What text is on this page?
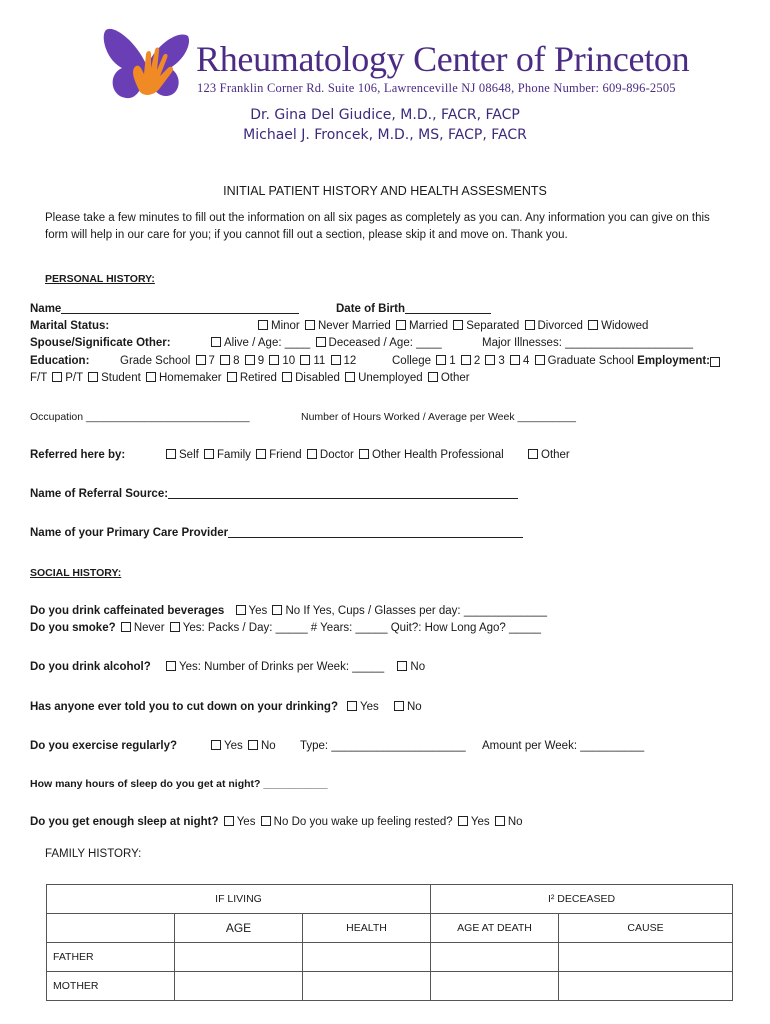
Rheumatology Center of Princeton
123 Franklin Corner Rd. Suite 106, Lawrenceville NJ 08648, Phone Number: 609-896-2505
Dr. Gina Del Giudice, M.D., FACR, FACP
Michael J. Froncek, M.D., MS, FACP, FACR
INITIAL PATIENT HISTORY AND HEALTH ASSESMENTS
Please take a few minutes to fill out the information on all six pages as completely as you can. Any information you can give on this
form will help in our care for you; if you cannot fill out a section, please skip it and move on. Thank you.
PERSONAL HISTORY:
Name	Date of Birth
Marital Status:	Minor Never Married Married Separated Divorced Widowed
Spouse/Significate Other:	Alive / Age: ____ Deceased / Age: ____	Major Illnesses: ____________________
Education:	Grade School 7 8 9 10 11 12	College 1 2 3 4 Graduate School Employment:
F/T P/T Student Homemaker Retired Disabled Unemployed Other
Occupation ____________________________	Number of Hours Worked / Average per Week __________
Referred here by:	Self Family Friend Doctor Other Health Professional	Other
Name of Referral Source:
Name of your Primary Care Provider
SOCIAL HISTORY:
Do you drink caffeinated beverages Yes No If Yes, Cups / Glasses per day: _____________
Do you smoke? Never Yes: Packs / Day: _____ # Years: _____ Quit?: How Long Ago? _____
Do you drink alcohol?	Yes: Number of Drinks per Week: _____ No
Has anyone ever told you to cut down on your drinking?	Yes No
Do you exercise regularly?	Yes No Type: _____________________ Amount per Week: __________
How many hours of sleep do you get at night? ___________
Do you get enough sleep at night? Yes No Do you wake up feeling rested? Yes No
FAMILY HISTORY:
IF LIVING			I² DECEASED	
	AGE	HEALTH	AGE AT DEATH	CAUSE
FATHER				
MOTHER				
